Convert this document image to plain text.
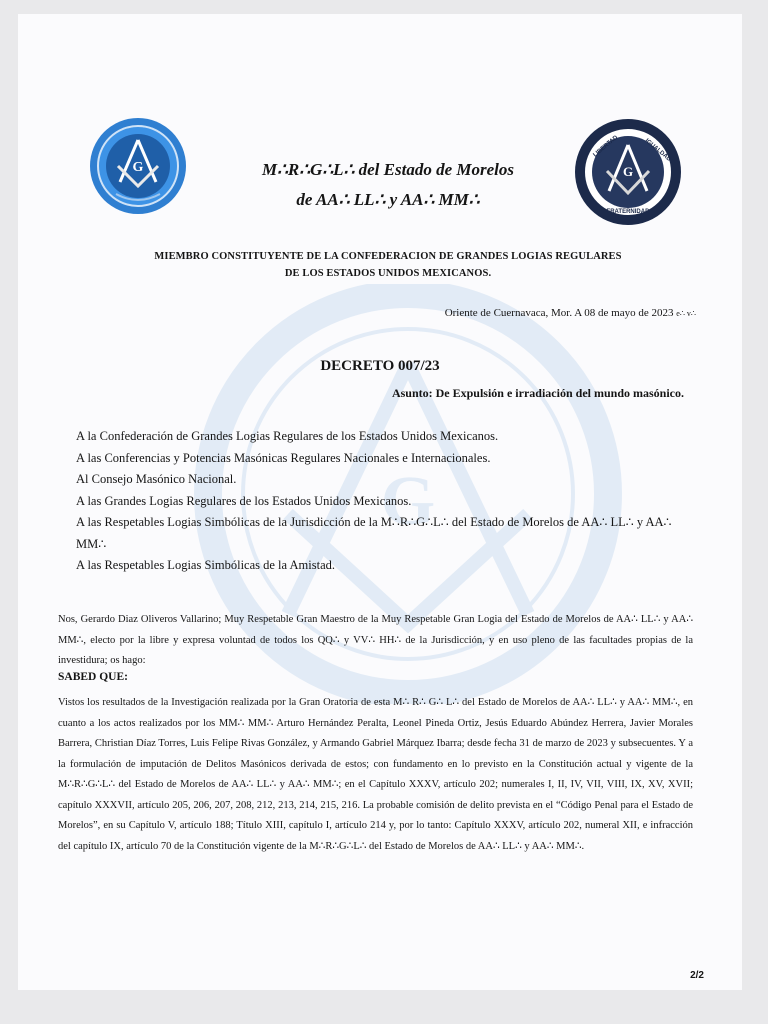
G
G	G
LIBERTAD	IGUALDAD
FRATERNIDAD
M∴R∴G∴L∴ del Estado de Morelos
de AA∴ LL∴ y AA∴ MM∴
MIEMBRO CONSTITUYENTE DE LA CONFEDERACION DE GRANDES LOGIAS REGULARES
DE LOS ESTADOS UNIDOS MEXICANOS.
Oriente de Cuernavaca, Mor. A 08 de mayo de 2023 e∴ v∴
DECRETO 007/23
Asunto: De Expulsión e irradiación del mundo masónico.
A la Confederación de Grandes Logias Regulares de los Estados Unidos Mexicanos.
A las Conferencias y Potencias Masónicas Regulares Nacionales e Internacionales.
Al Consejo Masónico Nacional.
A las Grandes Logias Regulares de los Estados Unidos Mexicanos.
A las Respetables Logias Simbólicas de la Jurisdicción de la M∴R∴G∴L∴ del Estado de Morelos de AA∴ LL∴ y AA∴ MM∴
A las Respetables Logias Simbólicas de la Amistad.
Nos, Gerardo Diaz Oliveros Vallarino; Muy Respetable Gran Maestro de la Muy Respetable Gran Logia del Estado de Morelos de AA∴ LL∴ y AA∴ MM∴, electo por la libre y expresa voluntad de todos los QQ∴ y VV∴ HH∴ de la Jurisdicción, y en uso pleno de las facultades propias de la investidura; os hago:
SABED QUE:
Vistos los resultados de la Investigación realizada por la Gran Oratoria de esta M∴ R∴ G∴ L∴ del Estado de Morelos de AA∴ LL∴ y AA∴ MM∴, en cuanto a los actos realizados por los MM∴ MM∴ Arturo Hernández Peralta, Leonel Pineda Ortiz, Jesús Eduardo Abúndez Herrera, Javier Morales Barrera, Christian Díaz Torres, Luis Felipe Rivas González, y Armando Gabriel Márquez Ibarra; desde fecha 31 de marzo de 2023 y subsecuentes. Y a la formulación de imputación de Delitos Masónicos derivada de estos; con fundamento en lo previsto en la Constitución actual y vigente de la M∴R∴G∴L∴ del Estado de Morelos de AA∴ LL∴ y AA∴ MM∴; en el Capítulo XXXV, artículo 202; numerales I, II, IV, VII, VIII, IX, XV, XVII; capítulo XXXVII, artículo 205, 206, 207, 208, 212, 213, 214, 215, 216. La probable comisión de delito prevista en el “Código Penal para el Estado de Morelos”, en su Capítulo V, artículo 188; Título XIII, capítulo I, artículo 214 y, por lo tanto: Capítulo XXXV, artículo 202, numeral XII, e infracción del capítulo IX, artículo 70 de la Constitución vigente de la M∴R∴G∴L∴ del Estado de Morelos de AA∴ LL∴ y AA∴ MM∴.
2/2
